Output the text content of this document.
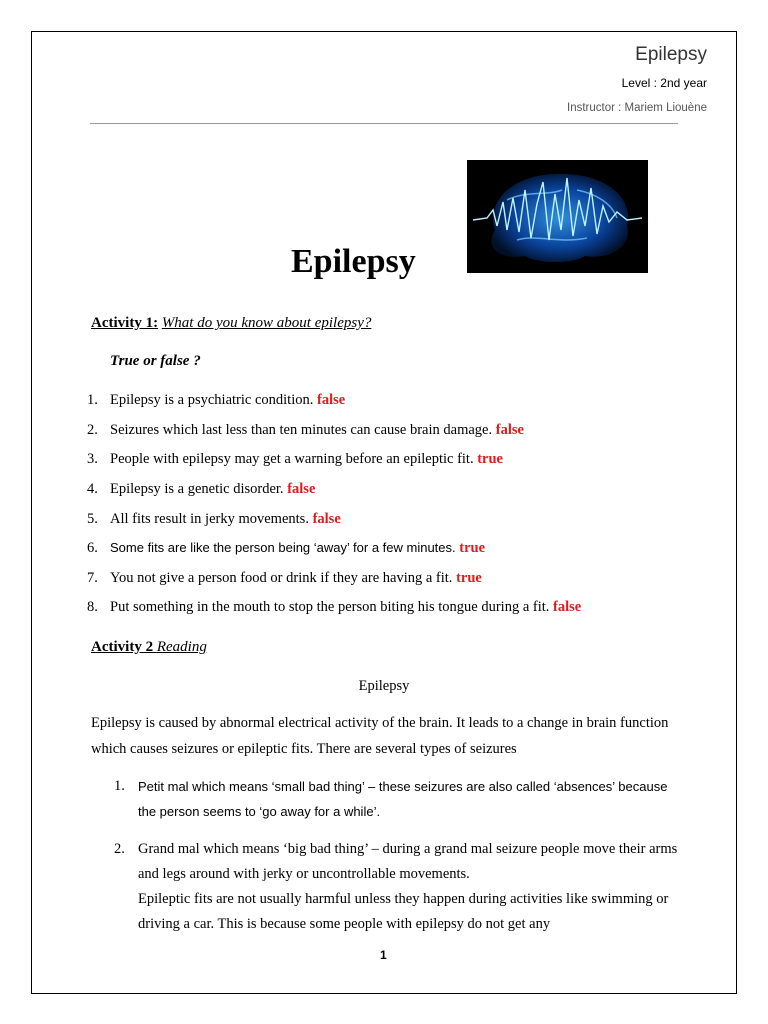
Epilepsy
Level : 2nd year
Instructor : Mariem Liouène
Epilepsy
Activity 1: What do you know about epilepsy?
True or false ?
1. Epilepsy is a psychiatric condition. false
2. Seizures which last less than ten minutes can cause brain damage. false
3. People with epilepsy may get a warning before an epileptic fit. true
4. Epilepsy is a genetic disorder. false
5. All fits result in jerky movements. false
6. Some fits are like the person being ‘away’ for a few minutes. true
7. You not give a person food or drink if they are having a fit. true
8. Put something in the mouth to stop the person biting his tongue during a fit. false
Activity 2 Reading
Epilepsy
Epilepsy is caused by abnormal electrical activity of the brain. It leads to a change in brain function which causes seizures or epileptic fits. There are several types of seizures
1. Petit mal which means ‘small bad thing’ – these seizures are also called ‘absences’ because the person seems to ‘go away for a while’.
2. Grand mal which means ‘big bad thing’ – during a grand mal seizure people move their arms and legs around with jerky or uncontrollable movements.
Epileptic fits are not usually harmful unless they happen during activities like swimming or driving a car. This is because some people with epilepsy do not get any
1
